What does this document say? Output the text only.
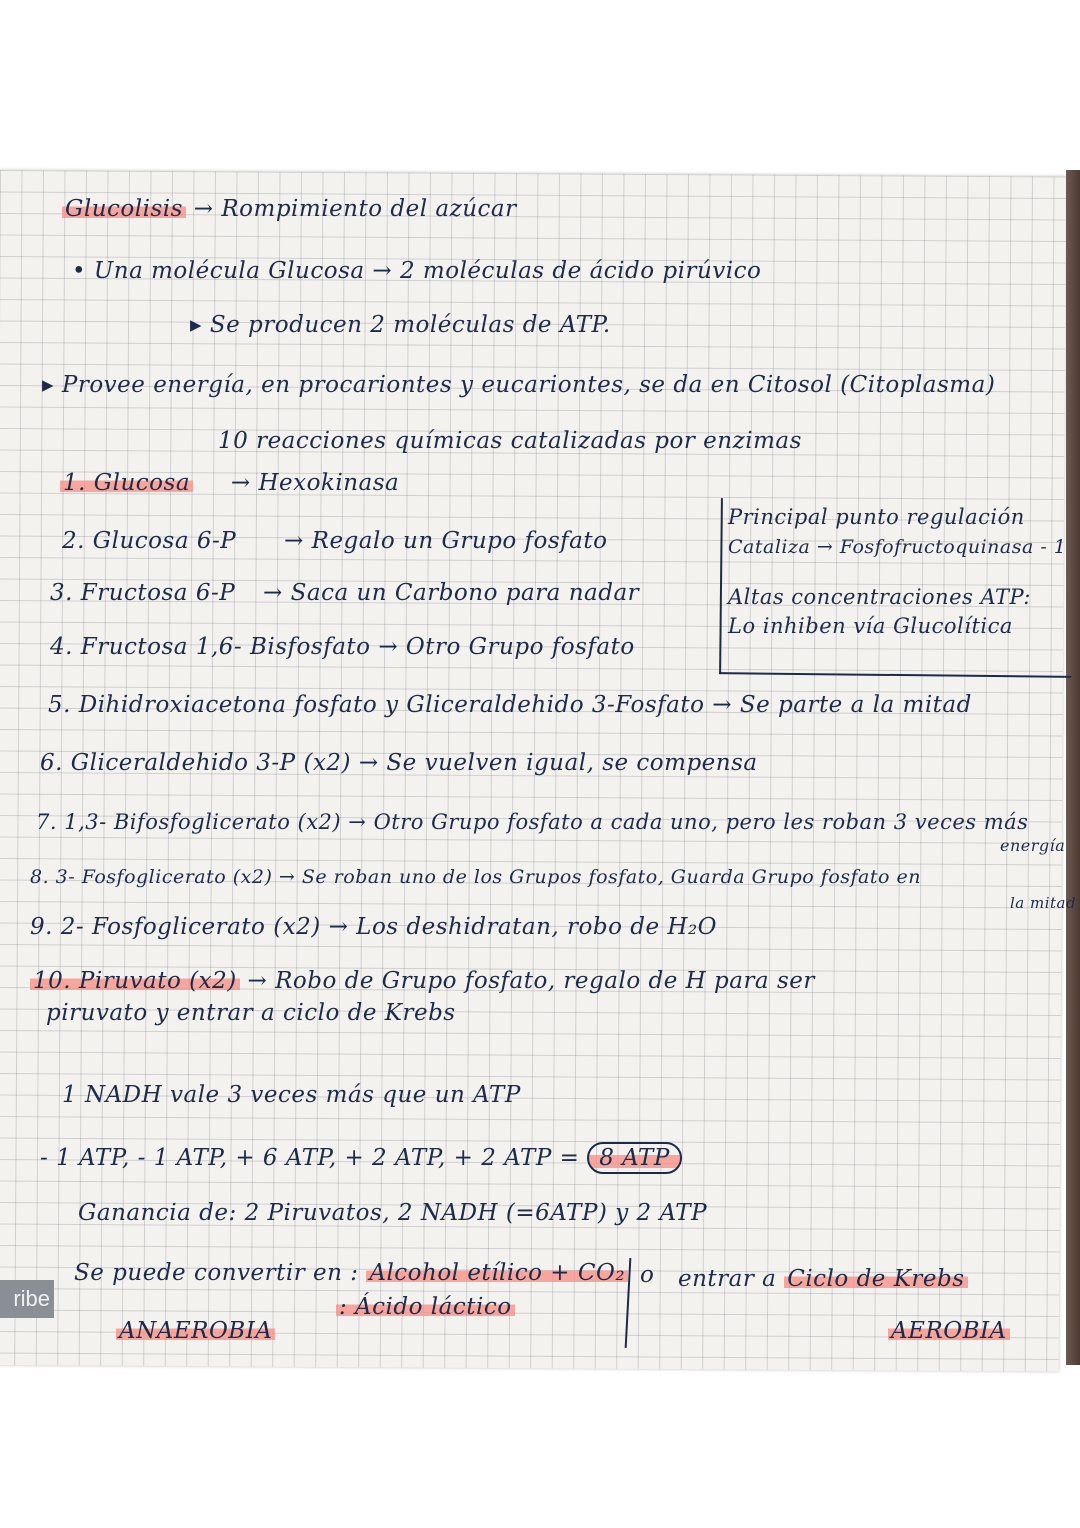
Glucolisis → Rompimiento del azúcar
• Una molécula Glucosa → 2 moléculas de ácido pirúvico
▸ Se producen 2 moléculas de ATP.
▸ Provee energía, en procariontes y eucariontes, se da en Citosol (Citoplasma)
10 reacciones químicas catalizadas por enzimas
1. Glucosa → Hexokinasa
2. Glucosa 6-P → Regalo un Grupo fosfato
3. Fructosa 6-P → Saca un Carbono para nadar
4. Fructosa 1,6- Bisfosfato → Otro Grupo fosfato
5. Dihidroxiacetona fosfato y Gliceraldehido 3-Fosfato → Se parte a la mitad
6. Gliceraldehido 3-P (x2) → Se vuelven igual, se compensa
7. 1,3- Bifosfoglicerato (x2) → Otro Grupo fosfato a cada uno, pero les roban 3 veces más
energía
8. 3- Fosfoglicerato (x2) → Se roban uno de los Grupos fosfato, Guarda Grupo fosfato en
la mitad
9. 2- Fosfoglicerato (x2) → Los deshidratan, robo de H₂O
10. Piruvato (x2) → Robo de Grupo fosfato, regalo de H para ser
piruvato y entrar a ciclo de Krebs
Principal punto regulación
Cataliza → Fosfofructoquinasa - 1
Altas concentraciones ATP:
Lo inhiben vía Glucolítica
1 NADH vale 3 veces más que un ATP
- 1 ATP, - 1 ATP, + 6 ATP, + 2 ATP, + 2 ATP = 8 ATP
Ganancia de: 2 Piruvatos, 2 NADH (=6ATP) y 2 ATP
Se puede convertir en : Alcohol etílico + CO₂
: Ácido láctico
ANAEROBIA
o entrar a Ciclo de Krebs
AEROBIA
ribe
